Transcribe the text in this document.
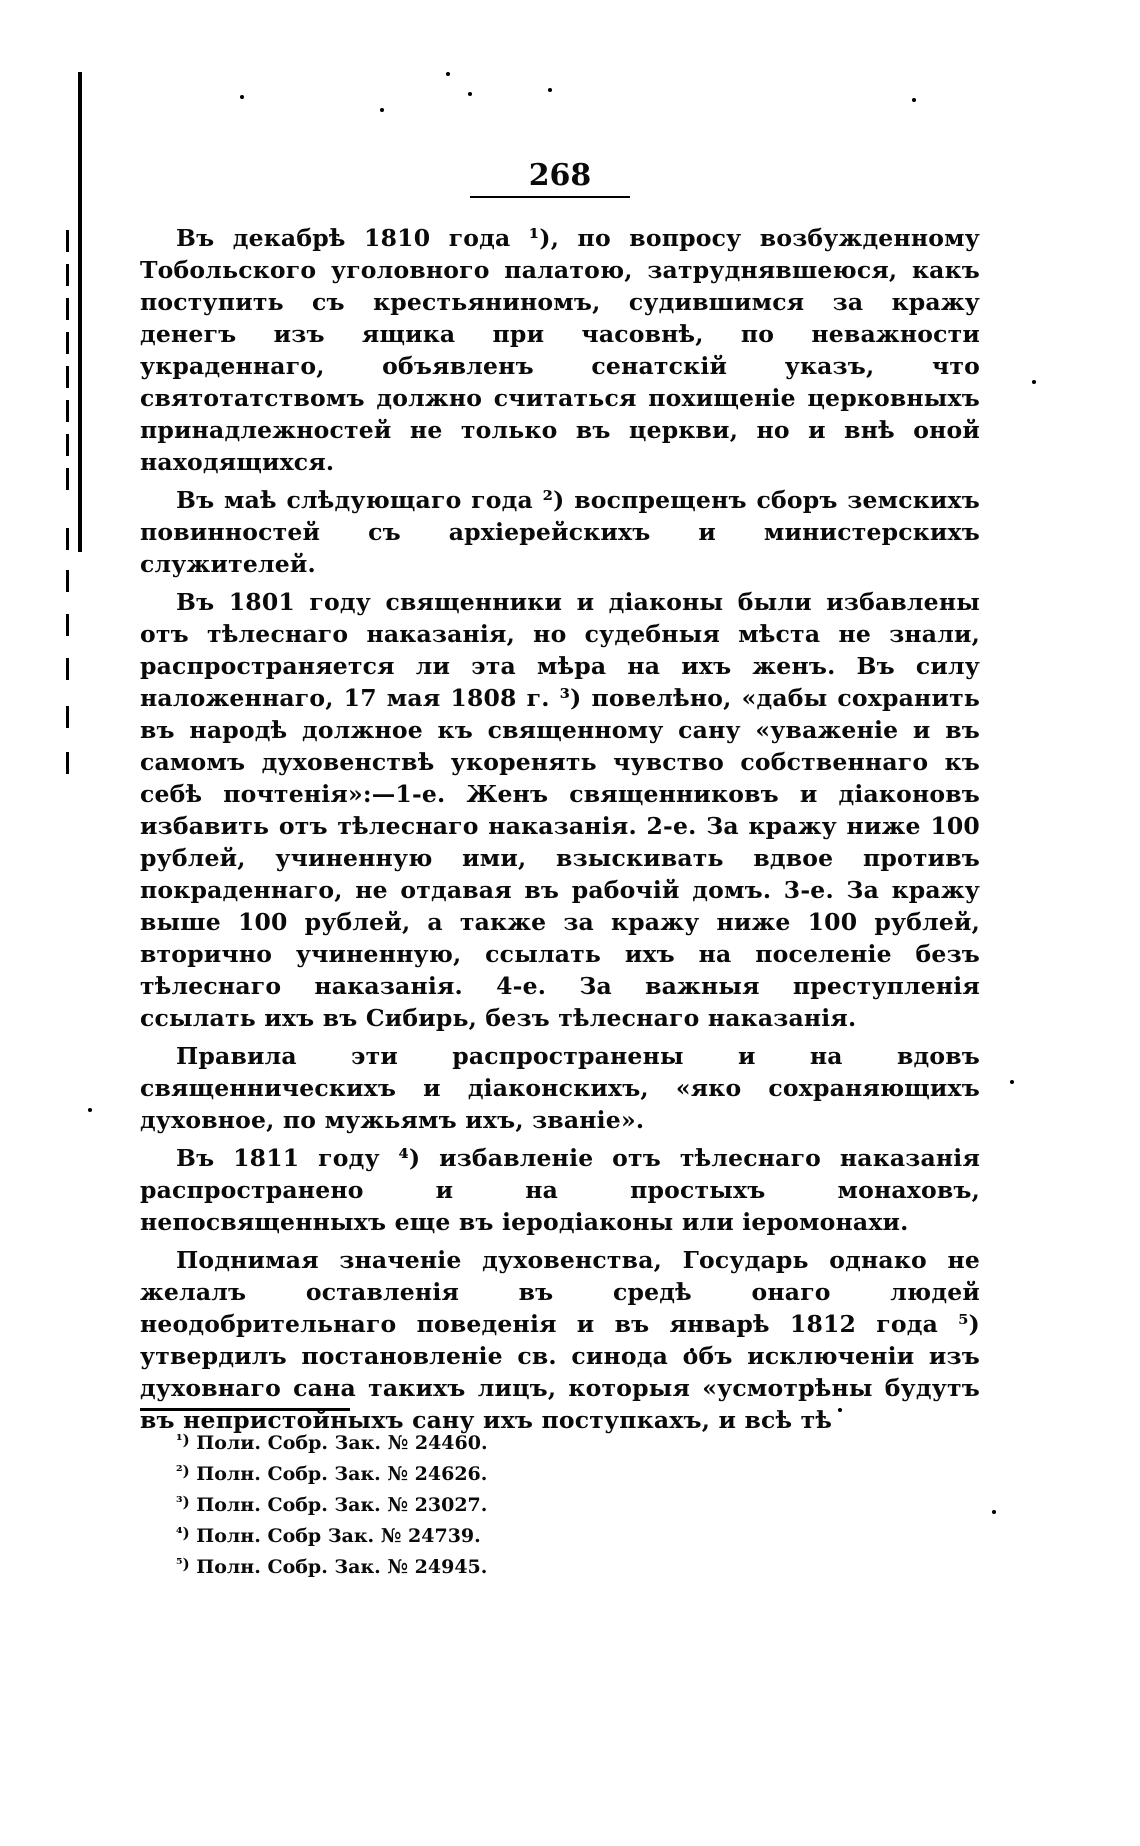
268

Въ декабрѣ 1810 года ¹), по вопросу возбужденному Тобольского уголовного палатою, затруднявшеюся, какъ поступить съ крестьяниномъ, судившимся за кражу денегъ изъ ящика при часовнѣ, по неважности украденнаго, объявленъ сенатскій указъ, что святотатствомъ должно считаться похищеніе церковныхъ принадлежностей не только въ церкви, но и внѣ оной находящихся.

Въ маѣ слѣдующаго года ²) воспрещенъ сборъ земскихъ повинностей съ архіерейскихъ и министерскихъ служителей.

Въ 1801 году священники и діаконы были избавлены отъ тѣлеснаго наказанія, но судебныя мѣста не знали, распространяется ли эта мѣра на ихъ женъ. Въ силу наложеннаго, 17 мая 1808 г. ³) повелѣно, «дабы сохранить въ народѣ должное къ священному сану «уваженіе и въ самомъ духовенствѣ укоренять чувство собственнаго къ себѣ почтенія»:—1-е. Женъ священниковъ и діаконовъ избавить отъ тѣлеснаго наказанія. 2-е. За кражу ниже 100 рублей, учиненную ими, взыскивать вдвое противъ покраденнаго, не отдавая въ рабочій домъ. 3-е. За кражу выше 100 рублей, а также за кражу ниже 100 рублей, вторично учиненную, ссылать ихъ на поселеніе безъ тѣлеснаго наказанія. 4-е. За важныя преступленія ссылать ихъ въ Сибирь, безъ тѣлеснаго наказанія.

Правила эти распространены и на вдовъ священническихъ и діаконскихъ, «яко сохраняющихъ духовное, по мужьямъ ихъ, званіе».

Въ 1811 году ⁴) избавленіе отъ тѣлеснаго наказанія распространено и на простыхъ монаховъ, непосвященныхъ еще въ іеродіаконы или іеромонахи.

Поднимая значеніе духовенства, Государь однако не желалъ оставленія въ средѣ онаго людей неодобрительнаго поведенія и въ январѣ 1812 года ⁵) утвердилъ постановленіе св. синода объ исключеніи изъ духовнаго сана такихъ лицъ, которыя «усмотрѣны будутъ въ непристойныхъ сану ихъ поступкахъ, и всѣ тѣ

$^{^1)}$ Поли. Собр. Зак. № 24460.
$^{^2)}$ Полн. Собр. Зак. № 24626.
$^{^3)}$ Полн. Собр. Зак. № 23027.
$^{^4)}$ Полн. Собр Зак. № 24739.
$^{^5)}$ Полн. Собр. Зак. № 24945.
